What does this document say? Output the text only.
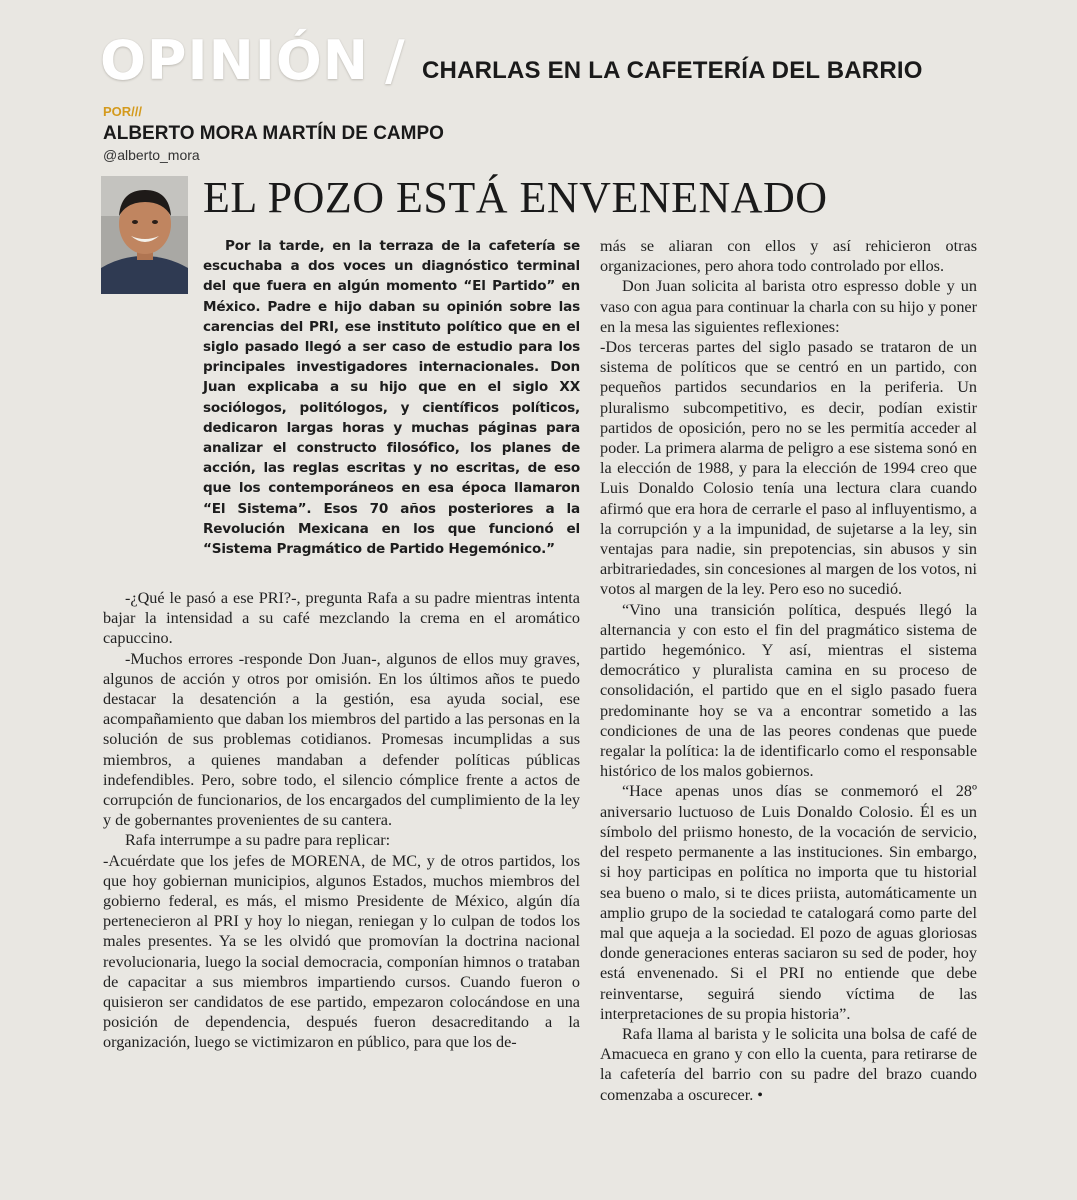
OPINIÓN / CHARLAS EN LA CAFETERÍA DEL BARRIO
POR///
ALBERTO MORA MARTÍN DE CAMPO
@alberto_mora
EL POZO ESTÁ ENVENENADO

Por la tarde, en la terraza de la cafetería se escuchaba a dos voces un diagnóstico terminal del que fuera en algún momento “El Partido” en México. Padre e hijo daban su opinión sobre las carencias del PRI, ese instituto político que en el siglo pasado llegó a ser caso de estudio para los principales investigadores internacionales. Don Juan explicaba a su hijo que en el siglo XX sociólogos, politólogos, y científicos políticos, dedicaron largas horas y muchas páginas para analizar el constructo filosófico, los planes de acción, las reglas escritas y no escritas, de eso que los contemporáneos en esa época llamaron “El Sistema”. Esos 70 años posteriores a la Revolución Mexicana en los que funcionó el “Sistema Pragmático de Partido Hegemónico.”

-¿Qué le pasó a ese PRI?-, pregunta Rafa a su padre mientras intenta bajar la intensidad a su café mezclando la crema en el aromático capuccino.

-Muchos errores -responde Don Juan-, algunos de ellos muy graves, algunos de acción y otros por omisión. En los últimos años te puedo destacar la desatención a la gestión, esa ayuda social, ese acompañamiento que daban los miembros del partido a las personas en la solución de sus problemas cotidianos. Promesas incumplidas a sus miembros, a quienes mandaban a defender políticas públicas indefendibles. Pero, sobre todo, el silencio cómplice frente a actos de corrupción de funcionarios, de los encargados del cumplimiento de la ley y de gobernantes provenientes de su cantera.

Rafa interrumpe a su padre para replicar:

-Acuérdate que los jefes de MORENA, de MC, y de otros partidos, los que hoy gobiernan municipios, algunos Estados, muchos miembros del gobierno federal, es más, el mismo Presidente de México, algún día pertenecieron al PRI y hoy lo niegan, reniegan y lo culpan de todos los males presentes. Ya se les olvidó que promovían la doctrina nacional revolucionaria, luego la social democracia, componían himnos o trataban de capacitar a sus miembros impartiendo cursos. Cuando fueron o quisieron ser candidatos de ese partido, empezaron colocándose en una posición de dependencia, después fueron desacreditando a la organización, luego se victimizaron en público, para que los de-

más se aliaran con ellos y así rehicieron otras organizaciones, pero ahora todo controlado por ellos.

Don Juan solicita al barista otro espresso doble y un vaso con agua para continuar la charla con su hijo y poner en la mesa las siguientes reflexiones:

-Dos terceras partes del siglo pasado se trataron de un sistema de políticos que se centró en un partido, con pequeños partidos secundarios en la periferia. Un pluralismo subcompetitivo, es decir, podían existir partidos de oposición, pero no se les permitía acceder al poder. La primera alarma de peligro a ese sistema sonó en la elección de 1988, y para la elección de 1994 creo que Luis Donaldo Colosio tenía una lectura clara cuando afirmó que era hora de cerrarle el paso al influyentismo, a la corrupción y a la impunidad, de sujetarse a la ley, sin ventajas para nadie, sin prepotencias, sin abusos y sin arbitrariedades, sin concesiones al margen de los votos, ni votos al margen de la ley. Pero eso no sucedió.

“Vino una transición política, después llegó la alternancia y con esto el fin del pragmático sistema de partido hegemónico. Y así, mientras el sistema democrático y pluralista camina en su proceso de consolidación, el partido que en el siglo pasado fuera predominante hoy se va a encontrar sometido a las condiciones de una de las peores condenas que puede regalar la política: la de identificarlo como el responsable histórico de los malos gobiernos.

“Hace apenas unos días se conmemoró el 28º aniversario luctuoso de Luis Donaldo Colosio. Él es un símbolo del priismo honesto, de la vocación de servicio, del respeto permanente a las instituciones. Sin embargo, si hoy participas en política no importa que tu historial sea bueno o malo, si te dices priista, automáticamente un amplio grupo de la sociedad te catalogará como parte del mal que aqueja a la sociedad. El pozo de aguas gloriosas donde generaciones enteras saciaron su sed de poder, hoy está envenenado. Si el PRI no entiende que debe reinventarse, seguirá siendo víctima de las interpretaciones de su propia historia”.

Rafa llama al barista y le solicita una bolsa de café de Amacueca en grano y con ello la cuenta, para retirarse de la cafetería del barrio con su padre del brazo cuando comenzaba a oscurecer. •
